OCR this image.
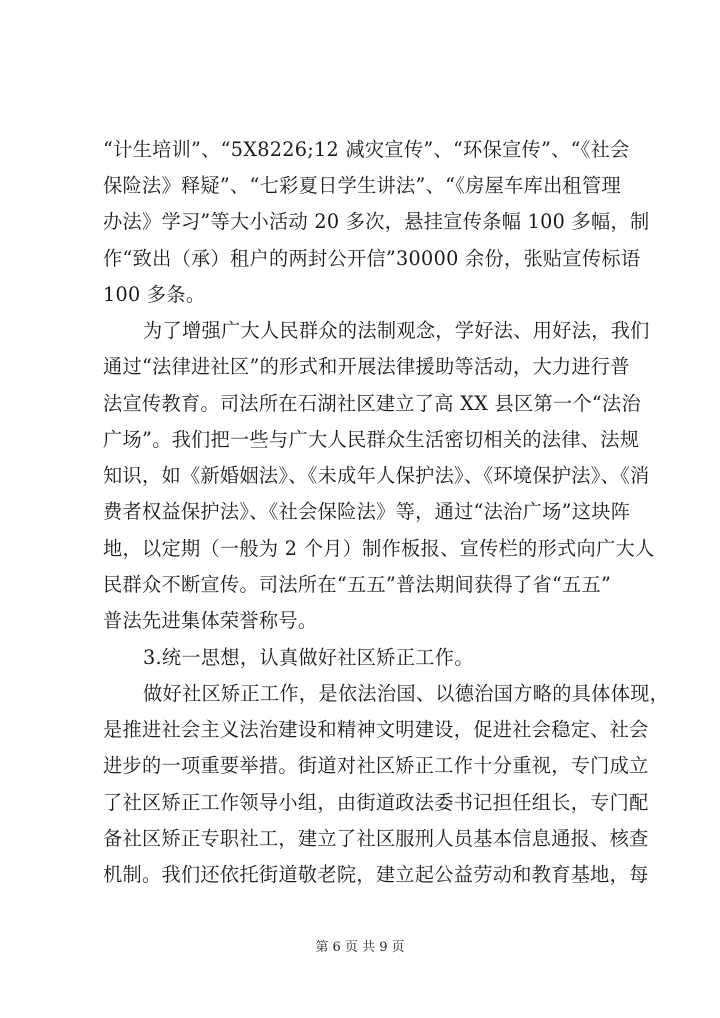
“计生培训”、“5X8226;12 减灾宣传”、“环保宣传”、“《社会
保险法》释疑”、“七彩夏日学生讲法”、“《房屋车库出租管理
办法》学习”等大小活动 20 多次，悬挂宣传条幅 100 多幅，制
作“致出（承）租户的两封公开信”30000 余份，张贴宣传标语
100 多条。
为了增强广大人民群众的法制观念，学好法、用好法，我们
通过“法律进社区”的形式和开展法律援助等活动，大力进行普
法宣传教育。司法所在石湖社区建立了高 XX 县区第一个“法治
广场”。我们把一些与广大人民群众生活密切相关的法律、法规
知识，如《新婚姻法》、《未成年人保护法》、《环境保护法》、《消
费者权益保护法》、《社会保险法》等，通过“法治广场”这块阵
地，以定期（一般为 2 个月）制作板报、宣传栏的形式向广大人
民群众不断宣传。司法所在“五五”普法期间获得了省“五五”
普法先进集体荣誉称号。
3.统一思想，认真做好社区矫正工作。
做好社区矫正工作，是依法治国、以德治国方略的具体体现，
是推进社会主义法治建设和精神文明建设，促进社会稳定、社会
进步的一项重要举措。街道对社区矫正工作十分重视，专门成立
了社区矫正工作领导小组，由街道政法委书记担任组长，专门配
备社区矫正专职社工，建立了社区服刑人员基本信息通报、核查
机制。我们还依托街道敬老院，建立起公益劳动和教育基地，每
第 6 页 共 9 页
